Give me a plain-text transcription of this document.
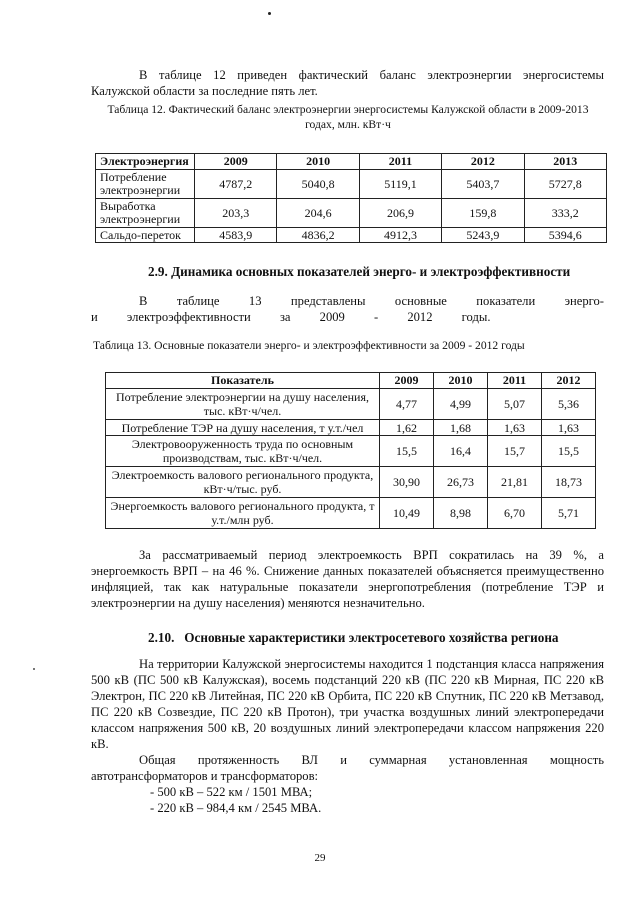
В таблице 12 приведен фактический баланс электроэнергии энергосистемы Калужской области за последние пять лет.
Таблица 12. Фактический баланс электроэнергии энергосистемы Калужской области в 2009-2013 годах, млн. кВт·ч
Электроэнергия	2009	2010	2011	2012	2013
Потребление электроэнергии	4787,2	5040,8	5119,1	5403,7	5727,8
Выработка электроэнергии	203,3	204,6	206,9	159,8	333,2
Сальдо-переток	4583,9	4836,2	4912,3	5243,9	5394,6
2.9. Динамика основных показателей энерго- и электроэффективности
В таблице 13 представлены основные показатели энерго- и электроэффективности за 2009 - 2012 годы.
Таблица 13. Основные показатели энерго- и электроэффективности за 2009 - 2012 годы
Показатель	2009	2010	2011	2012
Потребление электроэнергии на душу населения, тыс. кВт·ч/чел.	4,77	4,99	5,07	5,36
Потребление ТЭР на душу населения, т у.т./чел	1,62	1,68	1,63	1,63
Электровооруженность труда по основным производствам, тыс. кВт·ч/чел.	15,5	16,4	15,7	15,5
Электроемкость валового регионального продукта, кВт·ч/тыс. руб.	30,90	26,73	21,81	18,73
Энергоемкость валового регионального продукта, т у.т./млн руб.	10,49	8,98	6,70	5,71
За рассматриваемый период электроемкость ВРП сократилась на 39 %, а энергоемкость ВРП – на 46 %. Снижение данных показателей объясняется преимущественно инфляцией, так как натуральные показатели энергопотребления (потребление ТЭР и электроэнергии на душу населения) меняются незначительно.
2.10.   Основные характеристики электросетевого хозяйства региона
На территории Калужской энергосистемы находится 1 подстанция класса напряжения 500 кВ (ПС 500 кВ Калужская), восемь подстанций 220 кВ (ПС 220 кВ Мирная, ПС 220 кВ Электрон, ПС 220 кВ Литейная, ПС 220 кВ Орбита, ПС 220 кВ Спутник, ПС 220 кВ Метзавод, ПС 220 кВ Созвездие, ПС 220 кВ Протон), три участка воздушных линий электропередачи классом напряжения 500 кВ, 20 воздушных линий электропередачи классом напряжения 220 кВ.
Общая протяженность ВЛ и суммарная установленная мощность автотрансформаторов и трансформаторов:
- 500 кВ – 522 км / 1501 МВА;
- 220 кВ – 984,4 км / 2545 МВА.
29
